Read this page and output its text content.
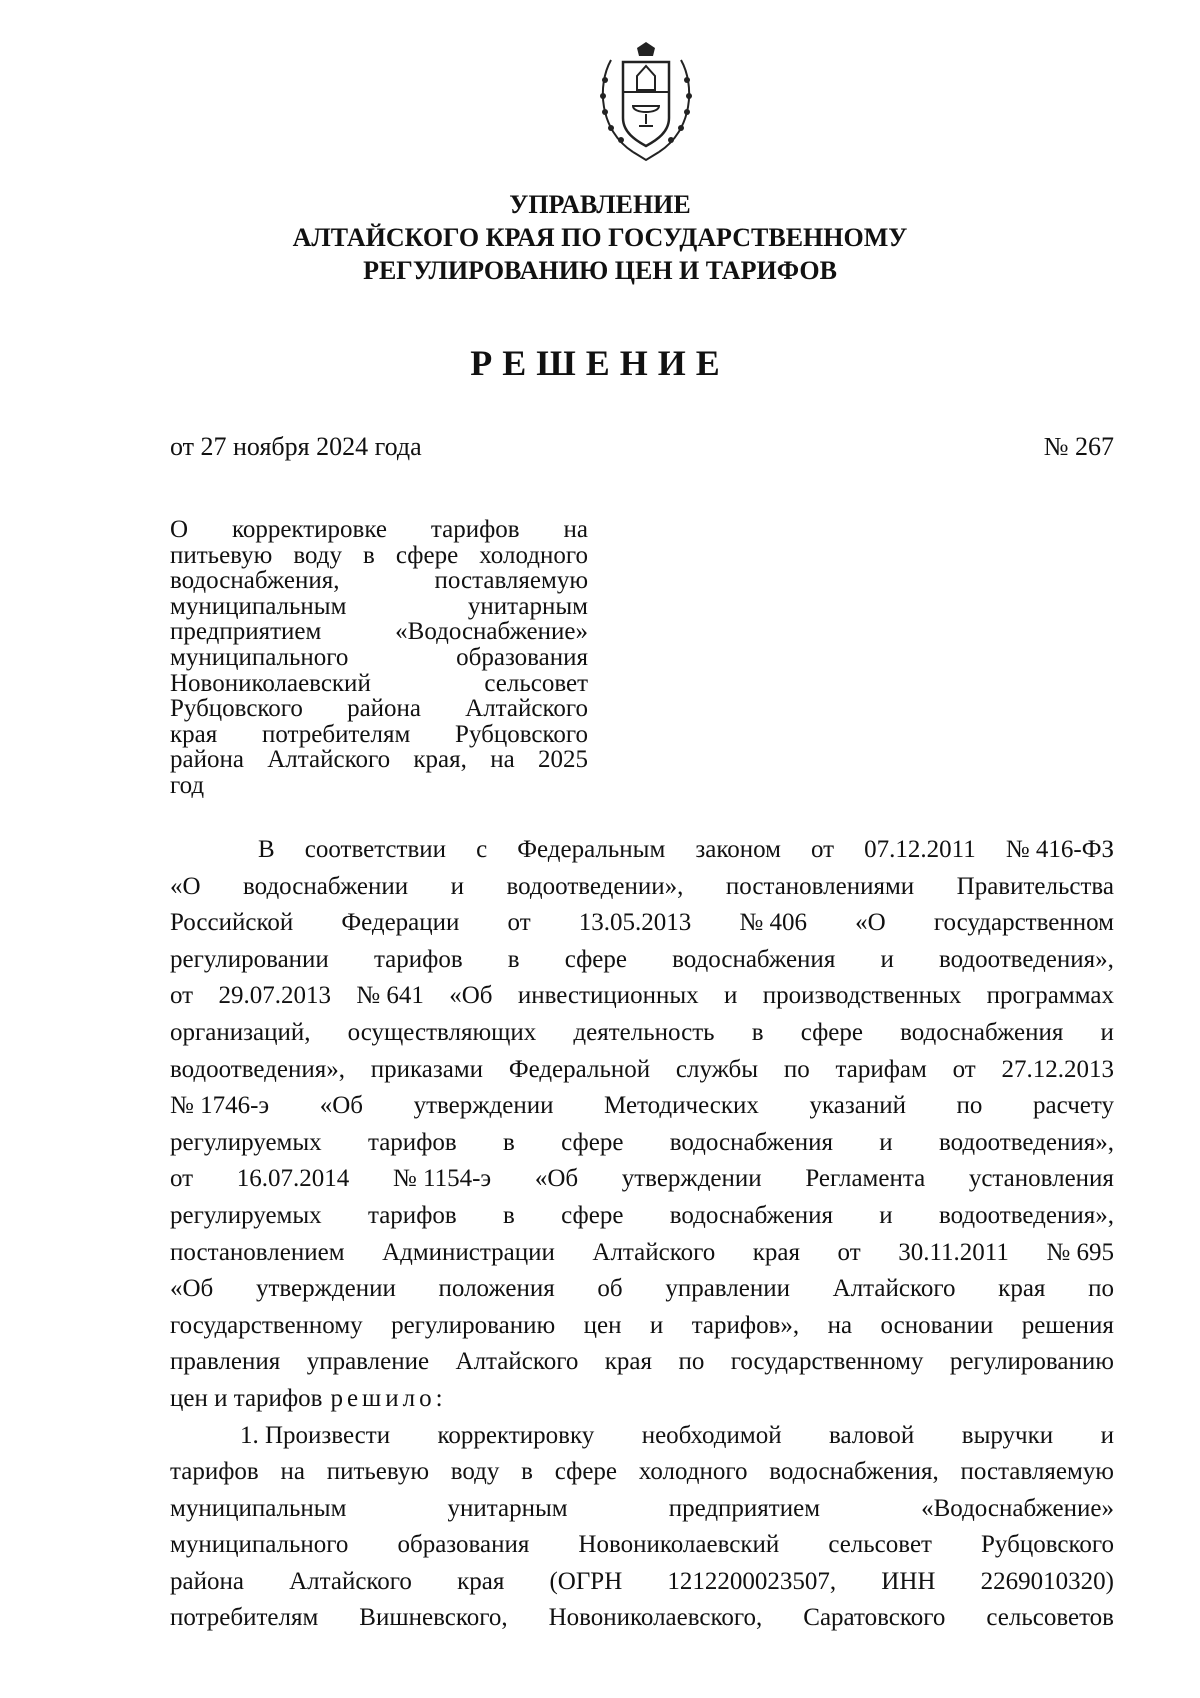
УПРАВЛЕНИЕ
АЛТАЙСКОГО КРАЯ ПО ГОСУДАРСТВЕННОМУ
РЕГУЛИРОВАНИЮ ЦЕН И ТАРИФОВ
РЕШЕНИЕ
от 27 ноября 2024 года	№ 267
О корректировке тарифов на
питьевую воду в сфере холодного
водоснабжения,	поставляемую
муниципальным	унитарным
предприятием	«Водоснабжение»
муниципального	образования
Новониколаевский	сельсовет
Рубцовского района Алтайского
края потребителям Рубцовского
района Алтайского края, на 2025
год
В соответствии с Федеральным законом от 07.12.2011 № 416-ФЗ
«О водоснабжении и водоотведении», постановлениями Правительства
Российской Федерации от 13.05.2013 № 406 «О государственном
регулировании тарифов в сфере водоснабжения и водоотведения»,
от 29.07.2013 № 641 «Об инвестиционных и производственных программах
организаций, осуществляющих деятельность в сфере водоснабжения и
водоотведения», приказами Федеральной службы по тарифам от 27.12.2013
№ 1746-э «Об утверждении Методических указаний по расчету
регулируемых тарифов в сфере водоснабжения и водоотведения»,
от 16.07.2014 № 1154-э «Об утверждении Регламента установления
регулируемых тарифов в сфере водоснабжения и водоотведения»,
постановлением Администрации Алтайского края от 30.11.2011 № 695
«Об утверждении положения об управлении Алтайского края по
государственному регулированию цен и тарифов», на основании решения
правления управление Алтайского края по государственному регулированию
цен и тарифов решило:
1. Произвести корректировку необходимой валовой выручки и
тарифов на питьевую воду в сфере холодного водоснабжения, поставляемую
муниципальным	унитарным	предприятием	«Водоснабжение»
муниципального образования Новониколаевский сельсовет Рубцовского
района Алтайского края (ОГРН 1212200023507, ИНН 2269010320)
потребителям Вишневского, Новониколаевского, Саратовского сельсоветов
